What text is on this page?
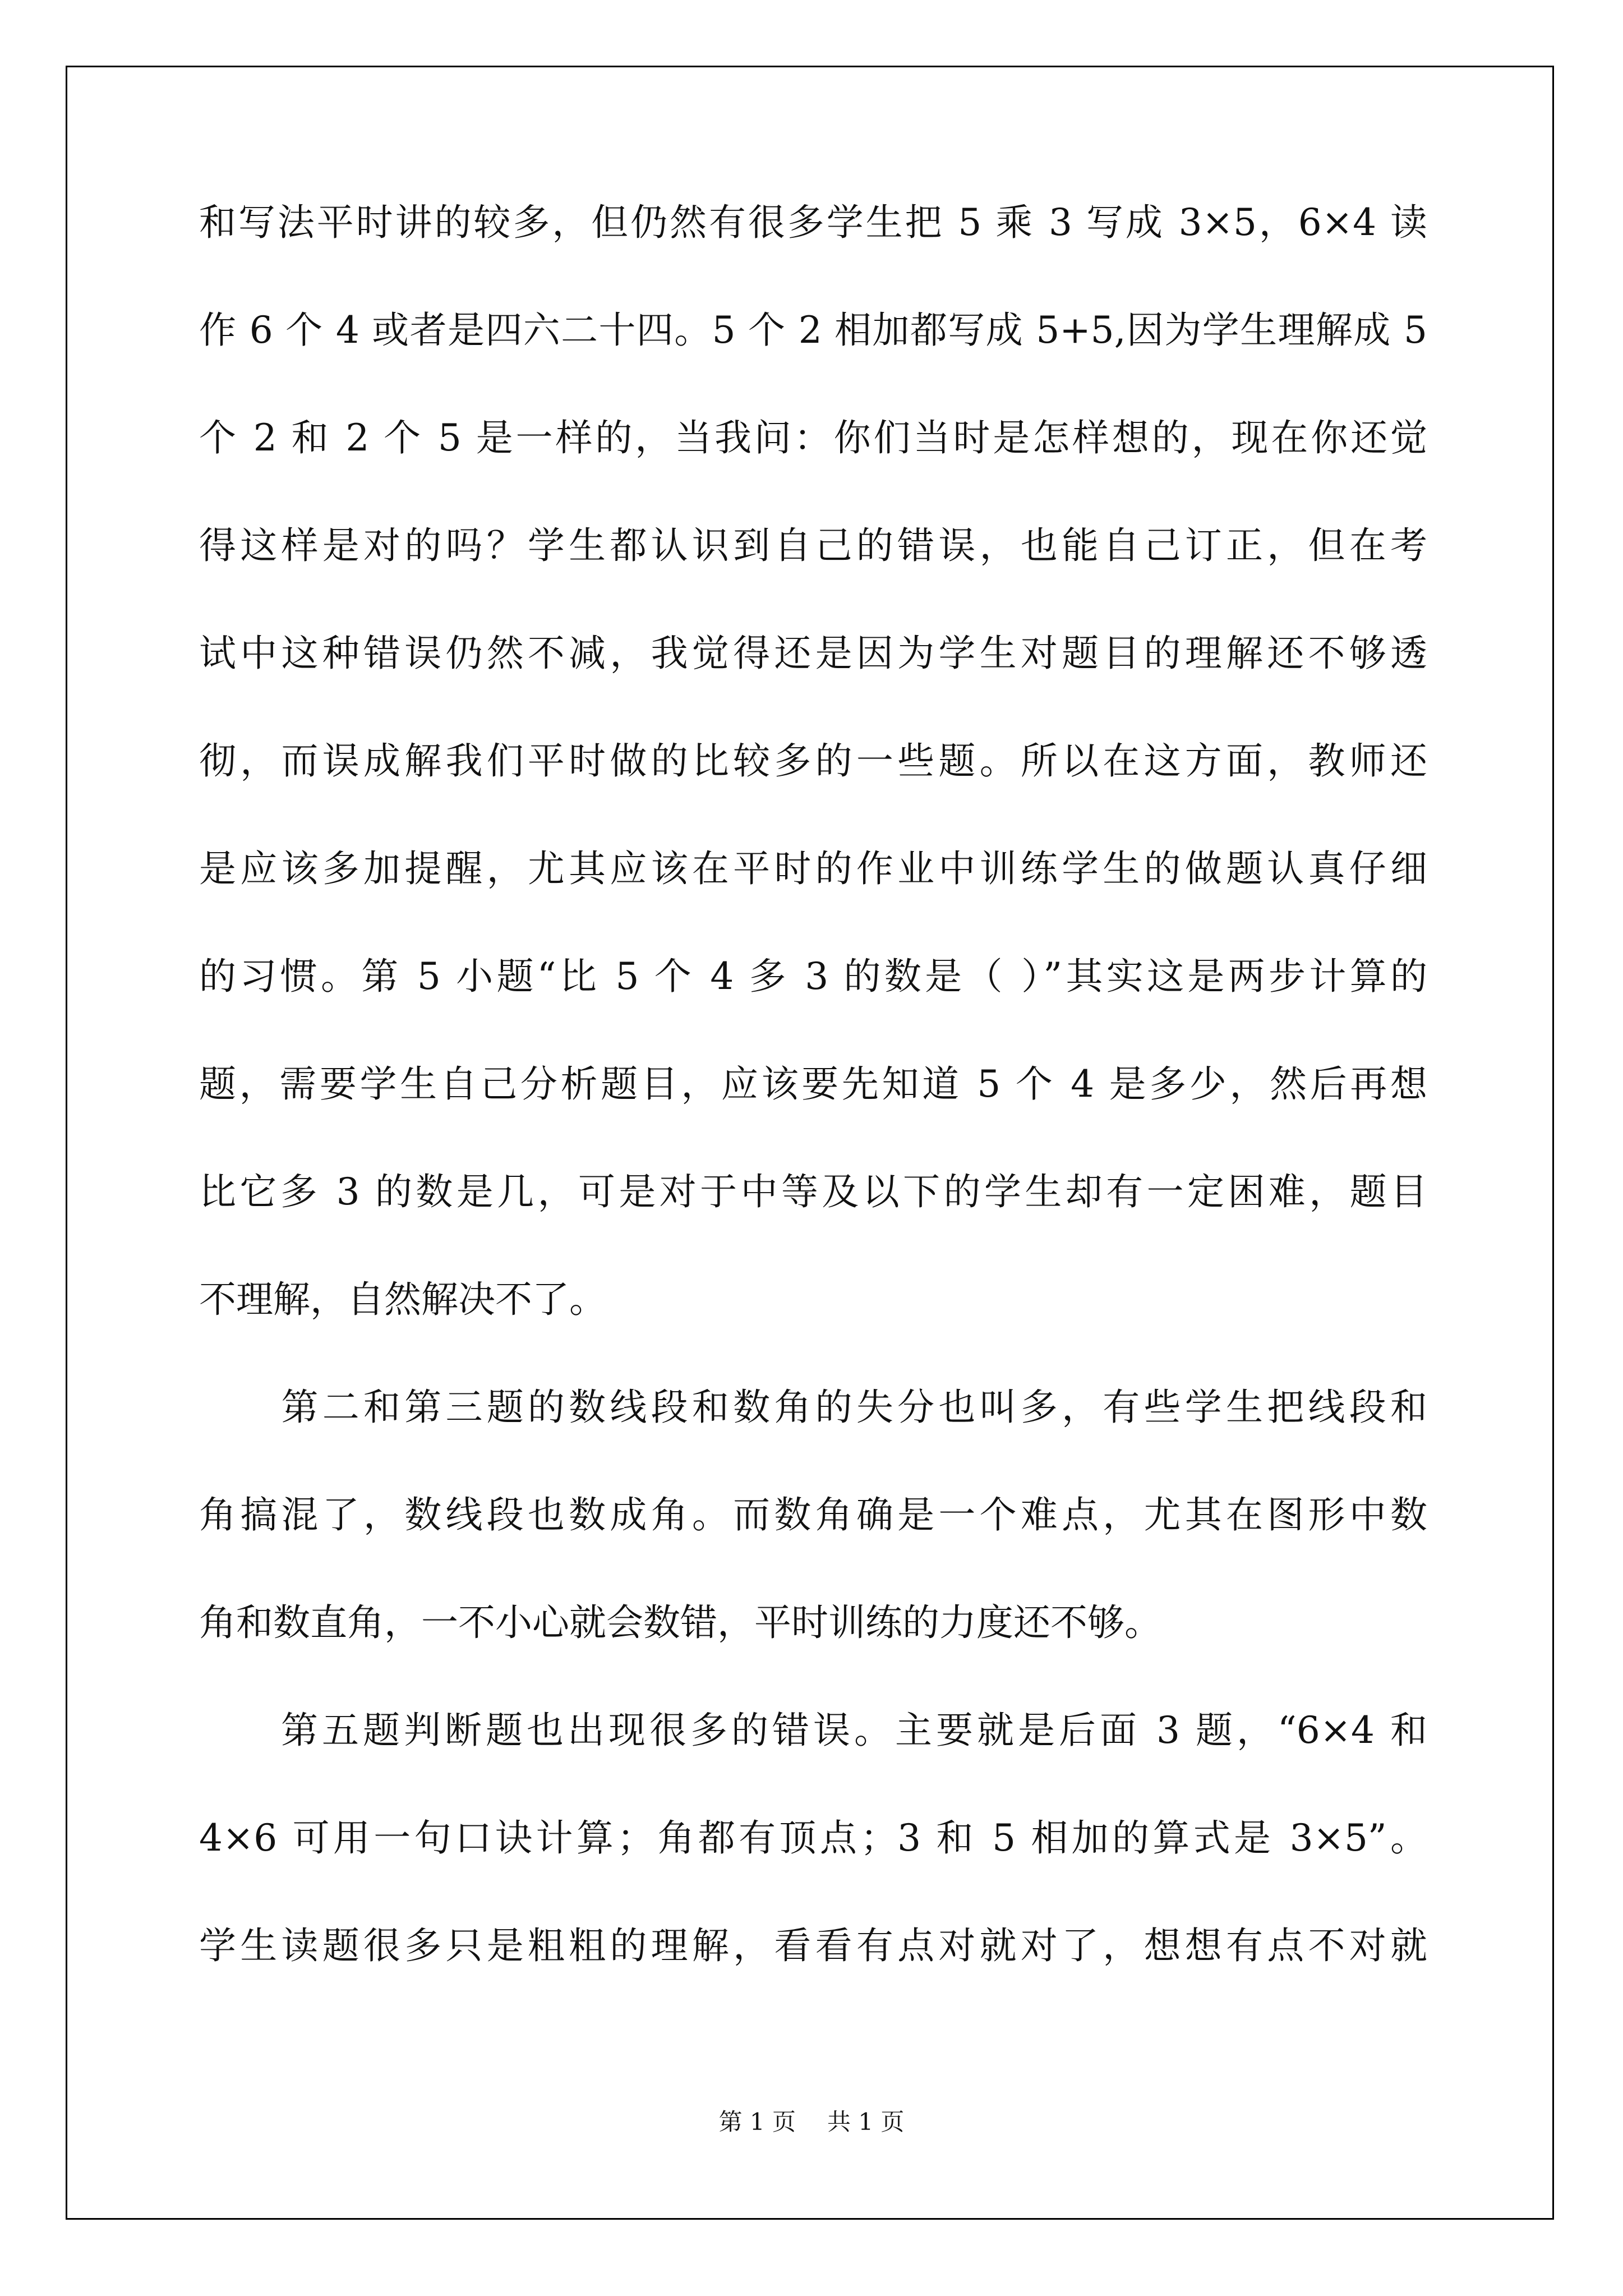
和写法平时讲的较多，但仍然有很多学生把 5 乘 3 写成 3×5，6×4 读
作 6 个 4 或者是四六二十四。5 个 2 相加都写成 5+5,因为学生理解成 5
个 2 和 2 个 5 是一样的，当我问：你们当时是怎样想的，现在你还觉
得这样是对的吗？学生都认识到自己的错误，也能自己订正，但在考
试中这种错误仍然不减，我觉得还是因为学生对题目的理解还不够透
彻，而误成解我们平时做的比较多的一些题。所以在这方面，教师还
是应该多加提醒，尤其应该在平时的作业中训练学生的做题认真仔细
的习惯。第 5 小题“比 5 个 4 多 3 的数是（ ）”其实这是两步计算的
题，需要学生自己分析题目，应该要先知道 5 个 4 是多少，然后再想
比它多 3 的数是几，可是对于中等及以下的学生却有一定困难，题目
不理解，自然解决不了。
　　第二和第三题的数线段和数角的失分也叫多，有些学生把线段和
角搞混了，数线段也数成角。而数角确是一个难点，尤其在图形中数
角和数直角，一不小心就会数错，平时训练的力度还不够。
　　第五题判断题也出现很多的错误。主要就是后面 3 题，“6×4 和
4×6 可用一句口诀计算；角都有顶点；3 和 5 相加的算式是 3×5”。
学生读题很多只是粗粗的理解，看看有点对就对了，想想有点不对就
第 1 页 共 1 页
